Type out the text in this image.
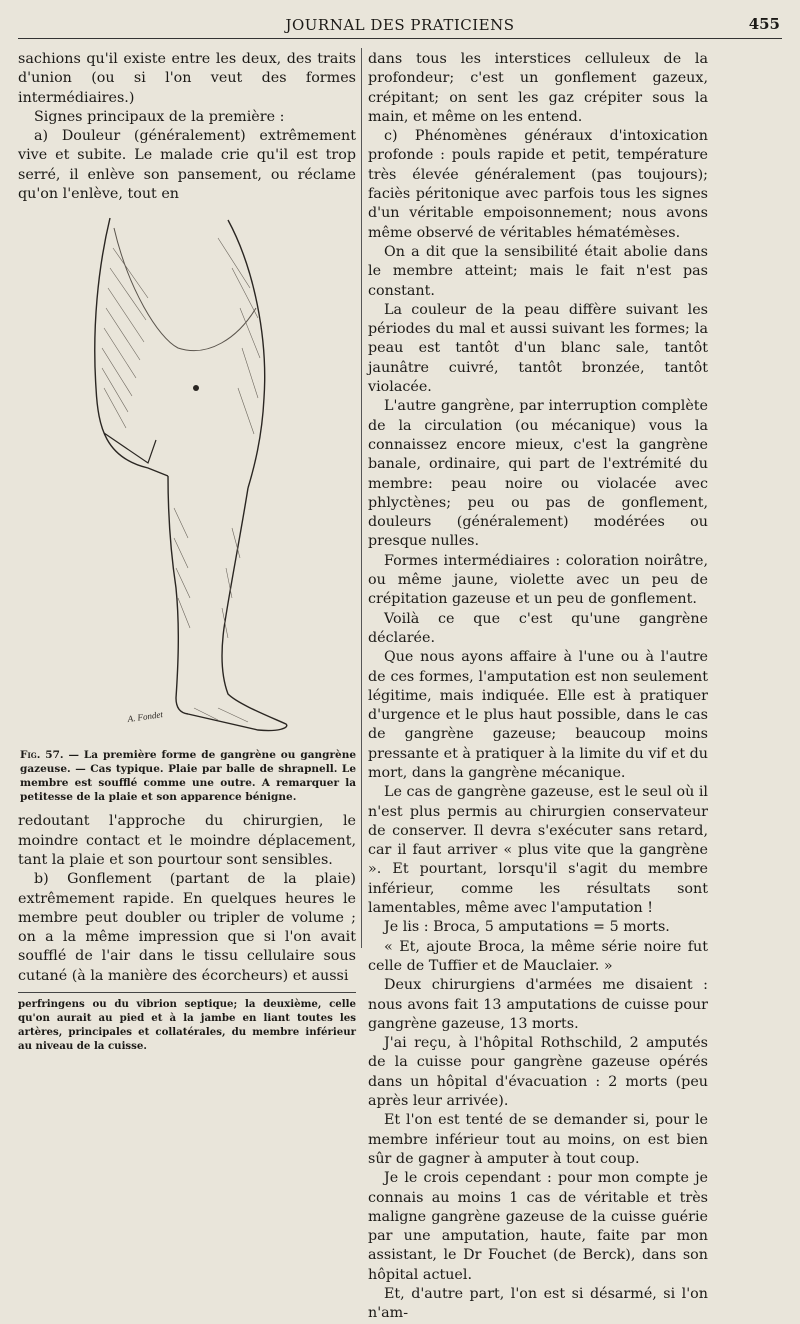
JOURNAL DES PRATICIENS	455

sachions qu'il existe entre les deux, des traits d'union (ou si l'on veut des formes intermédiaires.)

Signes principaux de la première :

a) Douleur (généralement) extrêmement vive et subite. Le malade crie qu'il est trop serré, il enlève son pansement, ou réclame qu'on l'enlève, tout en

A. Fondet

Fig. 57. — La première forme de gangrène ou gangrène gazeuse. — Cas typique. Plaie par balle de shrapnell. Le membre est soufflé comme une outre. A remarquer la petitesse de la plaie et son apparence bénigne.

redoutant l'approche du chirurgien, le moindre contact et le moindre déplacement, tant la plaie et son pourtour sont sensibles.

b) Gonflement (partant de la plaie) extrêmement rapide. En quelques heures le membre peut doubler ou tripler de volume ; on a la même impression que si l'on avait soufflé de l'air dans le tissu cellulaire sous cutané (à la manière des écorcheurs) et aussi

perfringens ou du vibrion septique; la deuxième, celle qu'on aurait au pied et à la jambe en liant toutes les artères, principales et collatérales, du membre inférieur au niveau de la cuisse.

dans tous les interstices celluleux de la profondeur; c'est un gonflement gazeux, crépitant; on sent les gaz crépiter sous la main, et même on les entend.

c) Phénomènes généraux d'intoxication profonde : pouls rapide et petit, température très élevée généralement (pas toujours); faciès péritonique avec parfois tous les signes d'un véritable empoisonnement; nous avons même observé de véritables hématémèses.

On a dit que la sensibilité était abolie dans le membre atteint; mais le fait n'est pas constant.

La couleur de la peau diffère suivant les périodes du mal et aussi suivant les formes; la peau est tantôt d'un blanc sale, tantôt jaunâtre cuivré, tantôt bronzée, tantôt violacée.

L'autre gangrène, par interruption complète de la circulation (ou mécanique) vous la connaissez encore mieux, c'est la gangrène banale, ordinaire, qui part de l'extrémité du membre: peau noire ou violacée avec phlyctènes; peu ou pas de gonflement, douleurs (généralement) modérées ou presque nulles.

Formes intermédiaires : coloration noirâtre, ou même jaune, violette avec un peu de crépitation gazeuse et un peu de gonflement.

Voilà ce que c'est qu'une gangrène déclarée.

Que nous ayons affaire à l'une ou à l'autre de ces formes, l'amputation est non seulement légitime, mais indiquée. Elle est à pratiquer d'urgence et le plus haut possible, dans le cas de gangrène gazeuse; beaucoup moins pressante et à pratiquer à la limite du vif et du mort, dans la gangrène mécanique.

Le cas de gangrène gazeuse, est le seul où il n'est plus permis au chirurgien conservateur de conserver. Il devra s'exécuter sans retard, car il faut arriver « plus vite que la gangrène ». Et pourtant, lorsqu'il s'agit du membre inférieur, comme les résultats sont lamentables, même avec l'amputation !

Je lis : Broca, 5 amputations = 5 morts.

« Et, ajoute Broca, la même série noire fut celle de Tuffier et de Mauclaier. »

Deux chirurgiens d'armées me disaient : nous avons fait 13 amputations de cuisse pour gangrène gazeuse, 13 morts.

J'ai reçu, à l'hôpital Rothschild, 2 amputés de la cuisse pour gangrène gazeuse opérés dans un hôpital d'évacuation : 2 morts (peu après leur arrivée).

Et l'on est tenté de se demander si, pour le membre inférieur tout au moins, on est bien sûr de gagner à amputer à tout coup.

Je le crois cependant : pour mon compte je connais au moins 1 cas de véritable et très maligne gangrène gazeuse de la cuisse guérie par une amputation, haute, faite par mon assistant, le Dr Fouchet (de Berck), dans son hôpital actuel.

Et, d'autre part, l'on est si désarmé, si l'on n'am-
